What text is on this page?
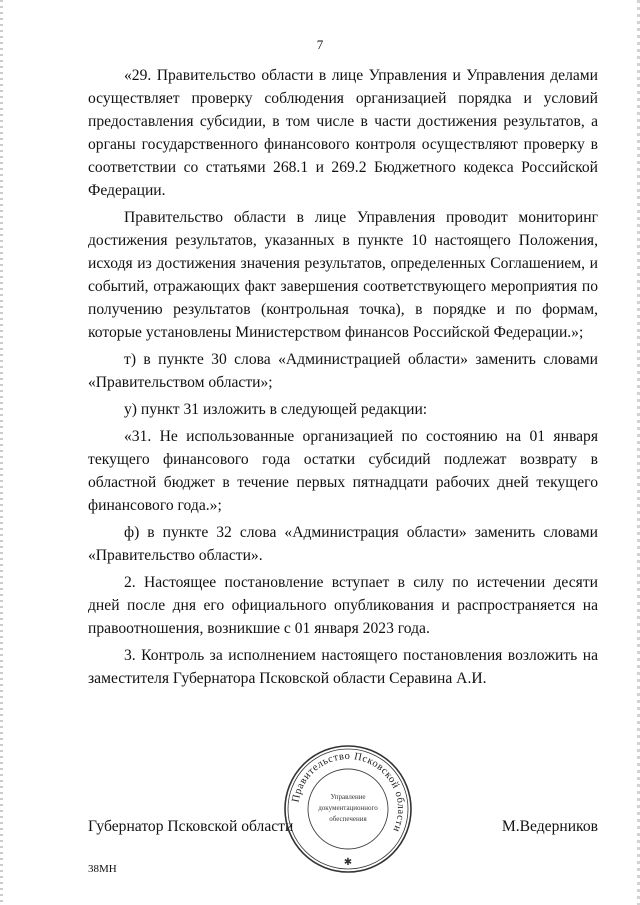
7

«29. Правительство области в лице Управления и Управления делами осуществляет проверку соблюдения организацией порядка и условий предоставления субсидии, в том числе в части достижения результатов, а органы государственного финансового контроля осуществляют проверку в соответствии со статьями 268.1 и 269.2 Бюджетного кодекса Российской Федерации.

Правительство области в лице Управления проводит мониторинг достижения результатов, указанных в пункте 10 настоящего Положения, исходя из достижения значения результатов, определенных Соглашением, и событий, отражающих факт завершения соответствующего мероприятия по получению результатов (контрольная точка), в порядке и по формам, которые установлены Министерством финансов Российской Федерации.»;

т) в пункте 30 слова «Администрацией области» заменить словами «Правительством области»;

у) пункт 31 изложить в следующей редакции:

«31. Не использованные организацией по состоянию на 01 января текущего финансового года остатки субсидий подлежат возврату в областной бюджет в течение первых пятнадцати рабочих дней текущего финансового года.»;

ф) в пункте 32 слова «Администрация области» заменить словами «Правительство области».

2. Настоящее постановление вступает в силу по истечении десяти дней после дня его официального опубликования и распространяется на правоотношения, возникшие с 01 января 2023 года.

3. Контроль за исполнением настоящего постановления возложить на заместителя Губернатора Псковской области Серавина А.И.

Губернатор Псковской области	М.Ведерников
Правительство Псковской области
Управление
документационного
обеспечения
✱
38МН
